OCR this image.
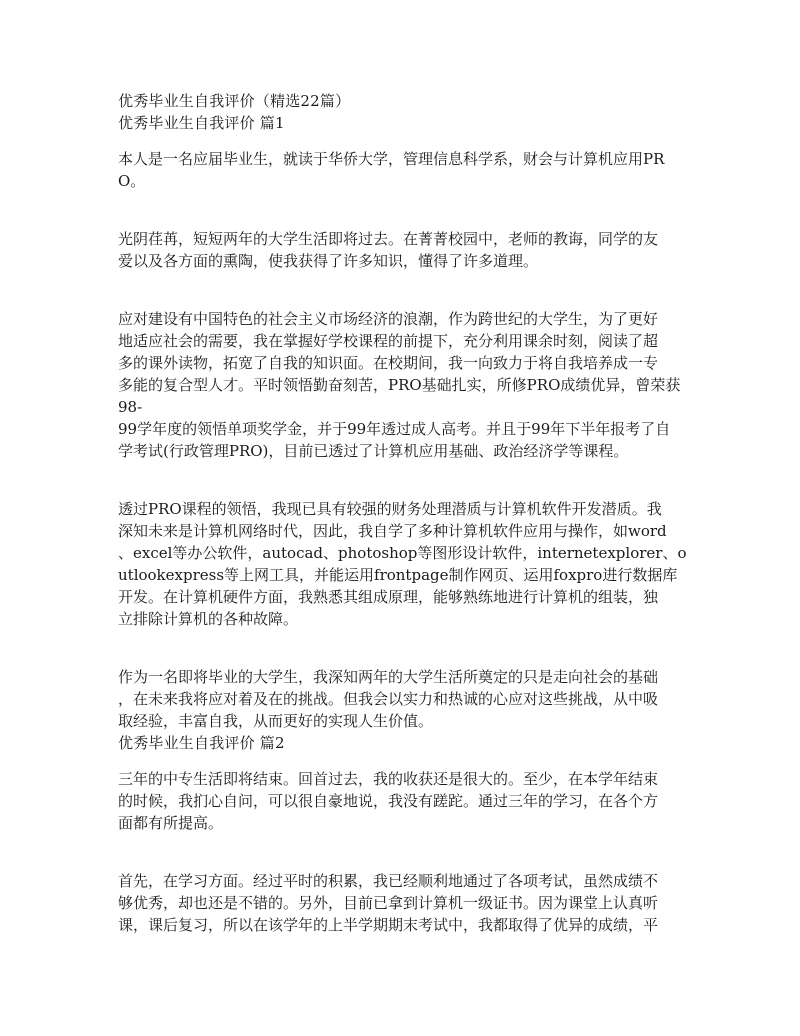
优秀毕业生自我评价（精选22篇）
优秀毕业生自我评价 篇1
本人是一名应届毕业生，就读于华侨大学，管理信息科学系，财会与计算机应用PR
O。
光阴荏苒，短短两年的大学生活即将过去。在菁菁校园中，老师的教诲，同学的友
爱以及各方面的熏陶，使我获得了许多知识，懂得了许多道理。
应对建设有中国特色的社会主义市场经济的浪潮，作为跨世纪的大学生，为了更好
地适应社会的需要，我在掌握好学校课程的前提下，充分利用课余时刻，阅读了超
多的课外读物，拓宽了自我的知识面。在校期间，我一向致力于将自我培养成一专
多能的复合型人才。平时领悟勤奋刻苦，PRO基础扎实，所修PRO成绩优异，曾荣获
98-
99学年度的领悟单项奖学金，并于99年透过成人高考。并且于99年下半年报考了自
学考试(行政管理PRO)，目前已透过了计算机应用基础、政治经济学等课程。
透过PRO课程的领悟，我现已具有较强的财务处理潜质与计算机软件开发潜质。我
深知未来是计算机网络时代，因此，我自学了多种计算机软件应用与操作，如word
、excel等办公软件，autocad、photoshop等图形设计软件，internetexplorer、o
utlookexpress等上网工具，并能运用frontpage制作网页、运用foxpro进行数据库
开发。在计算机硬件方面，我熟悉其组成原理，能够熟练地进行计算机的组装，独
立排除计算机的各种故障。
作为一名即将毕业的大学生，我深知两年的大学生活所奠定的只是走向社会的基础
，在未来我将应对着及在的挑战。但我会以实力和热诚的心应对这些挑战，从中吸
取经验，丰富自我，从而更好的实现人生价值。
优秀毕业生自我评价 篇2
三年的中专生活即将结束。回首过去，我的收获还是很大的。至少，在本学年结束
的时候，我扪心自问，可以很自豪地说，我没有蹉跎。通过三年的学习，在各个方
面都有所提高。
首先，在学习方面。经过平时的积累，我已经顺利地通过了各项考试，虽然成绩不
够优秀，却也还是不错的。另外，目前已拿到计算机一级证书。因为课堂上认真听
课，课后复习，所以在该学年的上半学期期末考试中，我都取得了优异的成绩，平
